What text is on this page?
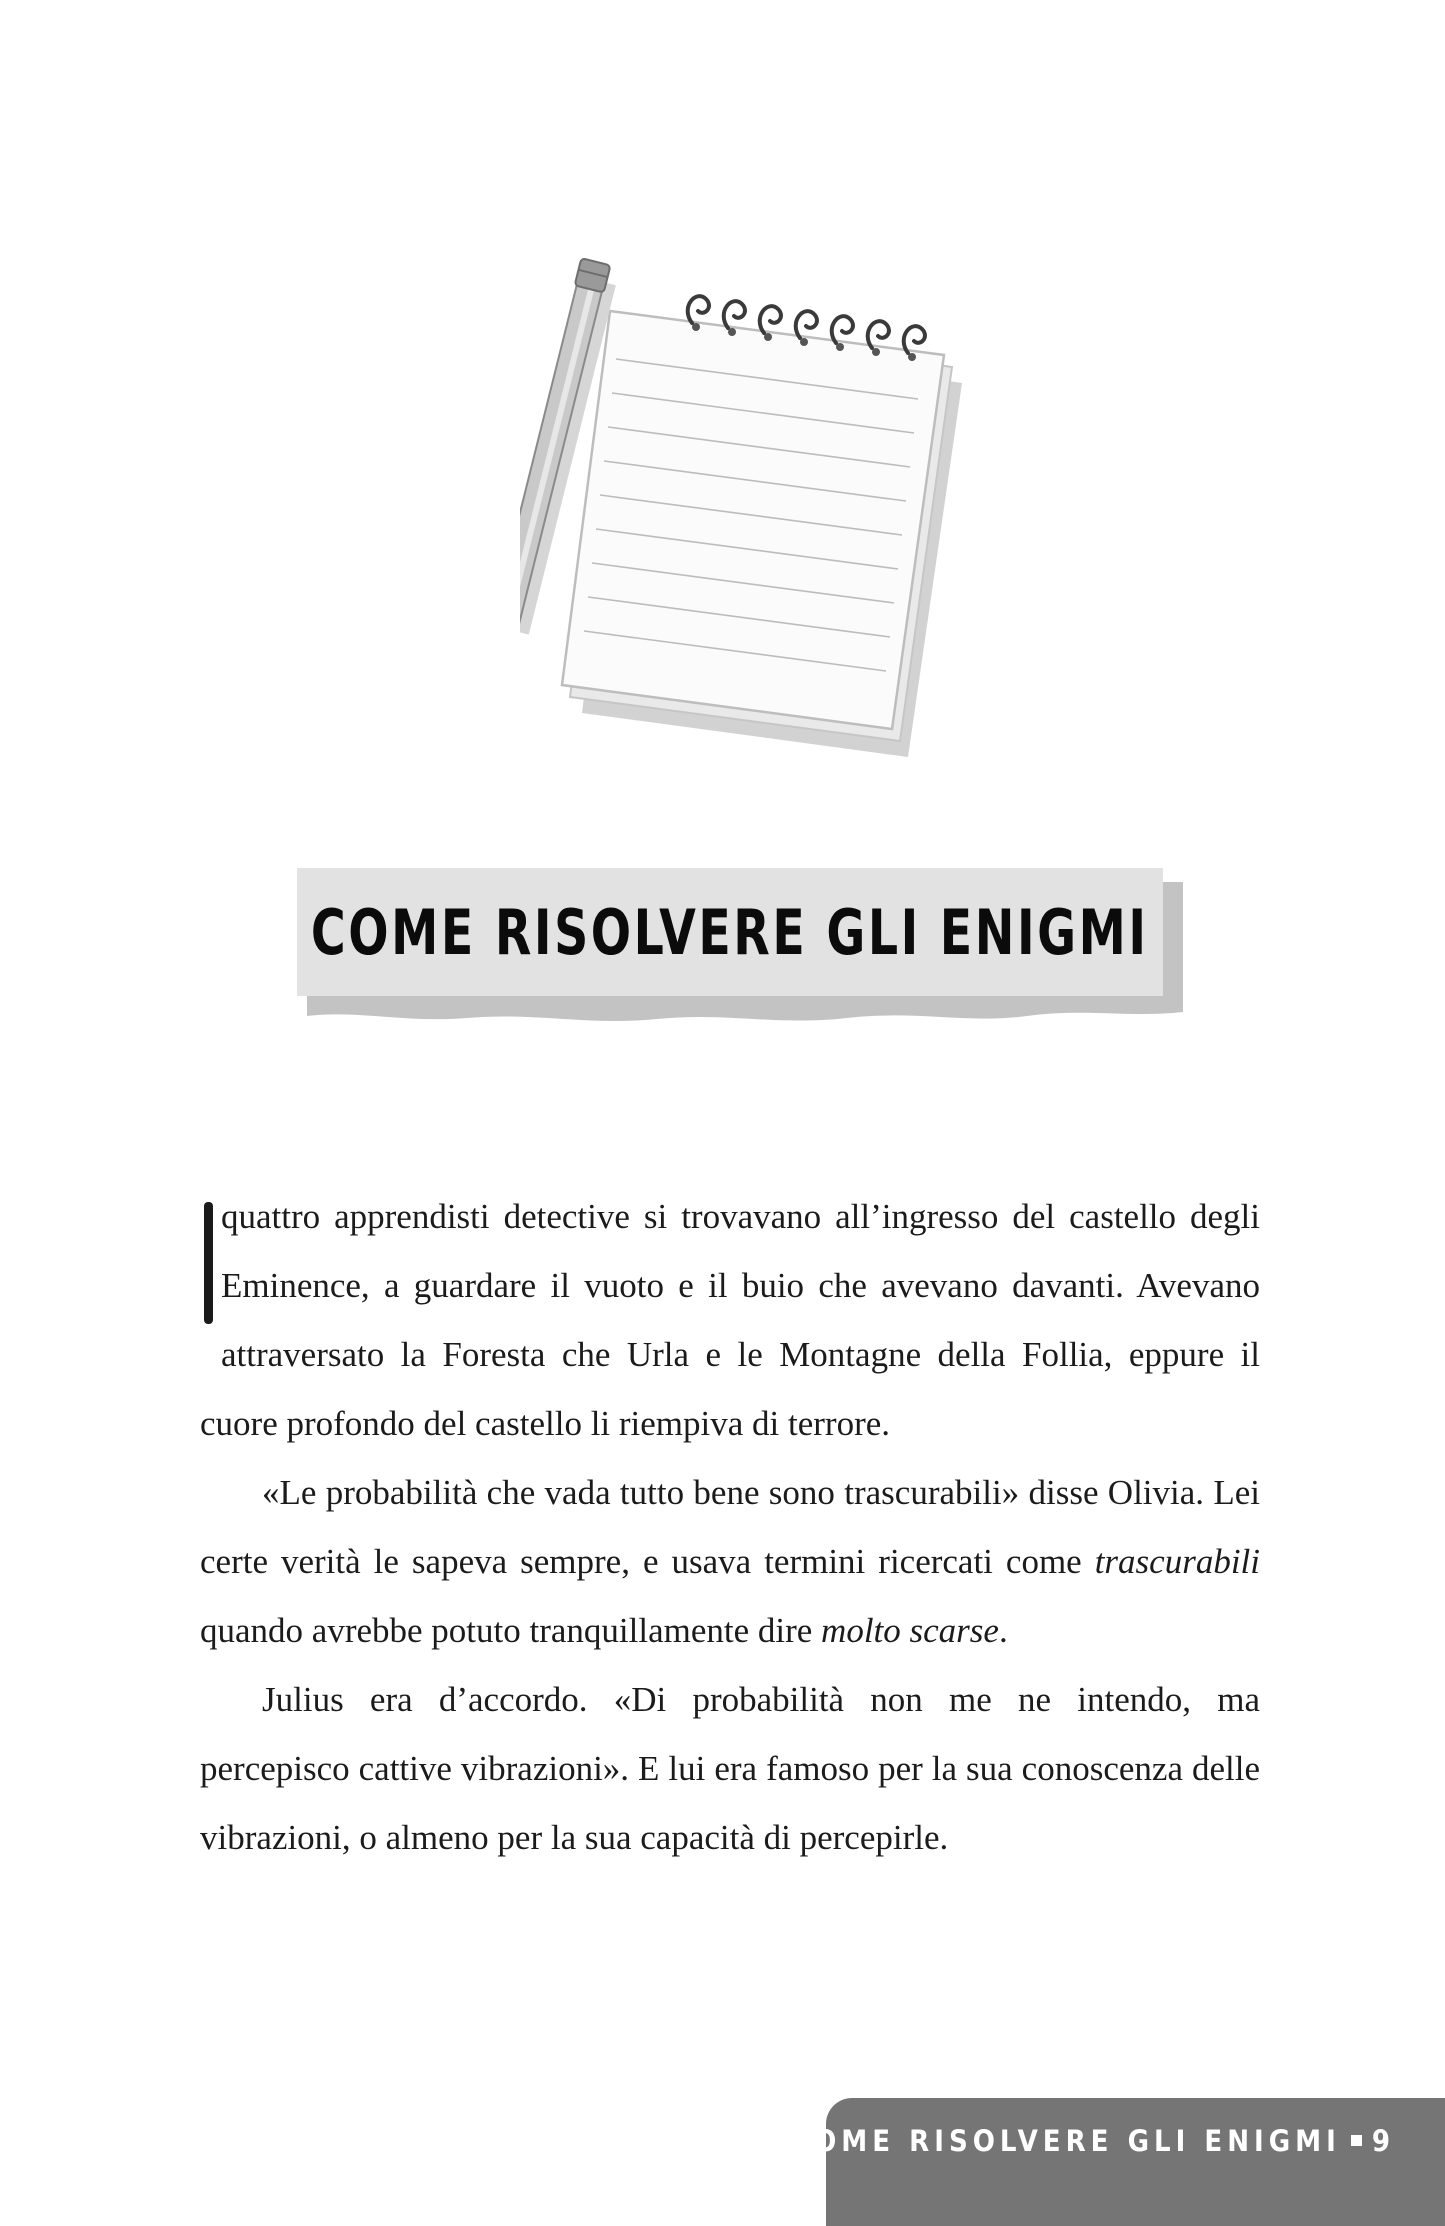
COME RISOLVERE GLI ENIGMI

quattro apprendisti detective si trovavano all’ingresso del castello degli Eminence, a guardare il vuoto e il buio che avevano davanti. Avevano attraversato la Foresta che Urla e le Montagne della Follia, eppure il cuore profondo del castello li riempiva di terrore.

«Le probabilità che vada tutto bene sono trascurabili» disse Olivia. Lei certe verità le sapeva sempre, e usava termini ricercati come trascurabili quando avrebbe potuto tranquillamente dire molto scarse.

Julius era d’accordo. «Di probabilità non me ne intendo, ma percepisco cattive vibrazioni». E lui era famoso per la sua conoscenza delle vibrazioni, o almeno per la sua capacità di percepirle.

COME RISOLVERE GLI ENIGMI 9
